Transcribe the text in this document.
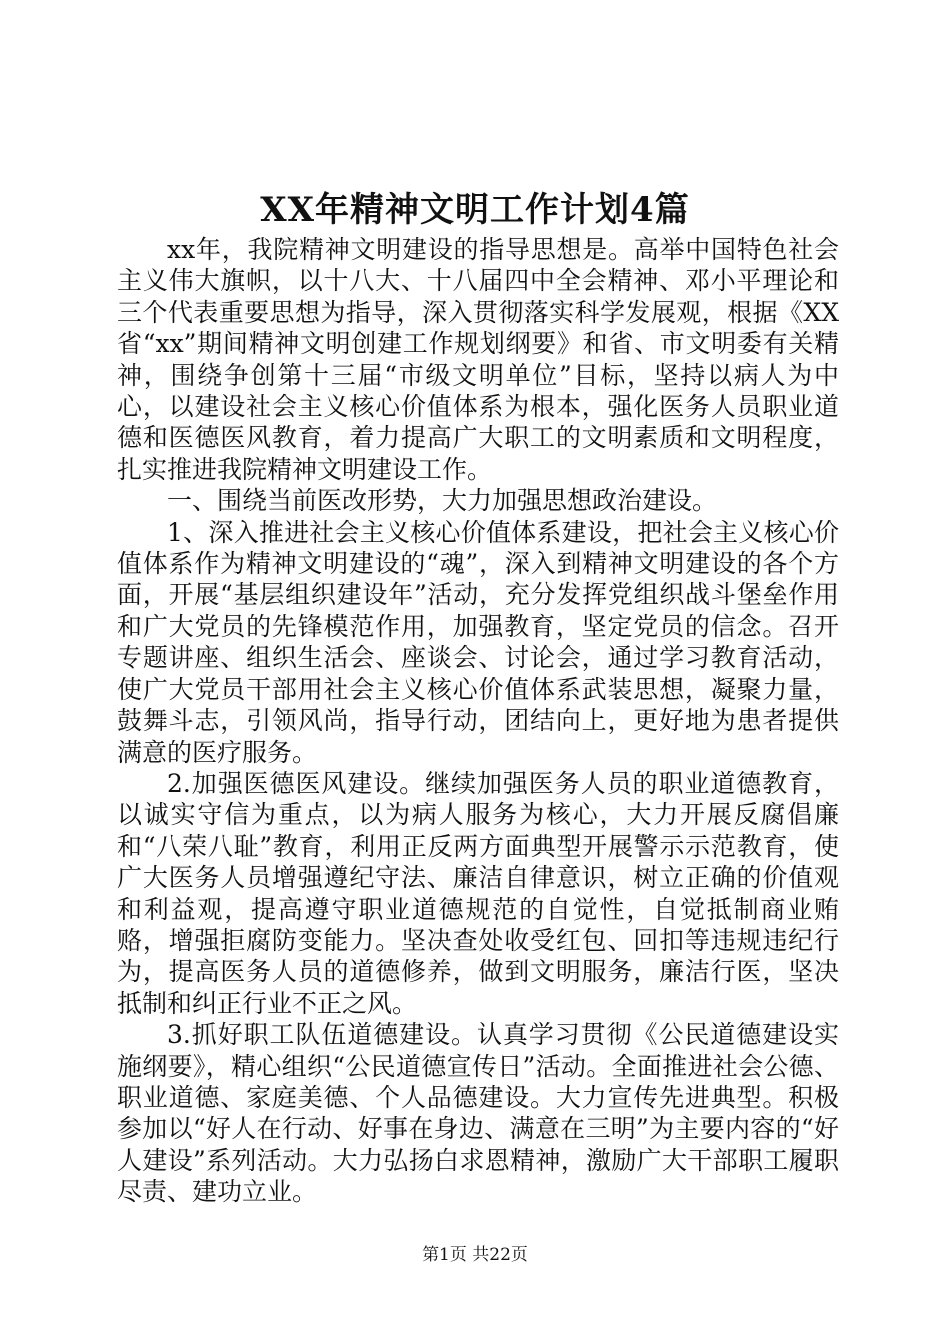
XX年精神文明工作计划4篇

xx年，我院精神文明建设的指导思想是。高举中国特色社会主义伟大旗帜，以十八大、十八届四中全会精神、邓小平理论和三个代表重要思想为指导，深入贯彻落实科学发展观，根据《XX省“xx”期间精神文明创建工作规划纲要》和省、市文明委有关精神，围绕争创第十三届“市级文明单位”目标，坚持以病人为中心，以建设社会主义核心价值体系为根本，强化医务人员职业道德和医德医风教育，着力提高广大职工的文明素质和文明程度，扎实推进我院精神文明建设工作。

一、围绕当前医改形势，大力加强思想政治建设。

1、深入推进社会主义核心价值体系建设，把社会主义核心价值体系作为精神文明建设的“魂”，深入到精神文明建设的各个方面，开展“基层组织建设年”活动，充分发挥党组织战斗堡垒作用和广大党员的先锋模范作用，加强教育，坚定党员的信念。召开专题讲座、组织生活会、座谈会、讨论会，通过学习教育活动，使广大党员干部用社会主义核心价值体系武装思想，凝聚力量，鼓舞斗志，引领风尚，指导行动，团结向上，更好地为患者提供满意的医疗服务。

2.加强医德医风建设。继续加强医务人员的职业道德教育，以诚实守信为重点，以为病人服务为核心，大力开展反腐倡廉和“八荣八耻”教育，利用正反两方面典型开展警示示范教育，使广大医务人员增强遵纪守法、廉洁自律意识，树立正确的价值观和利益观，提高遵守职业道德规范的自觉性，自觉抵制商业贿赂，增强拒腐防变能力。坚决查处收受红包、回扣等违规违纪行为，提高医务人员的道德修养，做到文明服务，廉洁行医，坚决抵制和纠正行业不正之风。

3.抓好职工队伍道德建设。认真学习贯彻《公民道德建设实施纲要》，精心组织“公民道德宣传日”活动。全面推进社会公德、职业道德、家庭美德、个人品德建设。大力宣传先进典型。积极参加以“好人在行动、好事在身边、满意在三明”为主要内容的“好人建设”系列活动。大力弘扬白求恩精神，激励广大干部职工履职尽责、建功立业。

第1页 共22页
